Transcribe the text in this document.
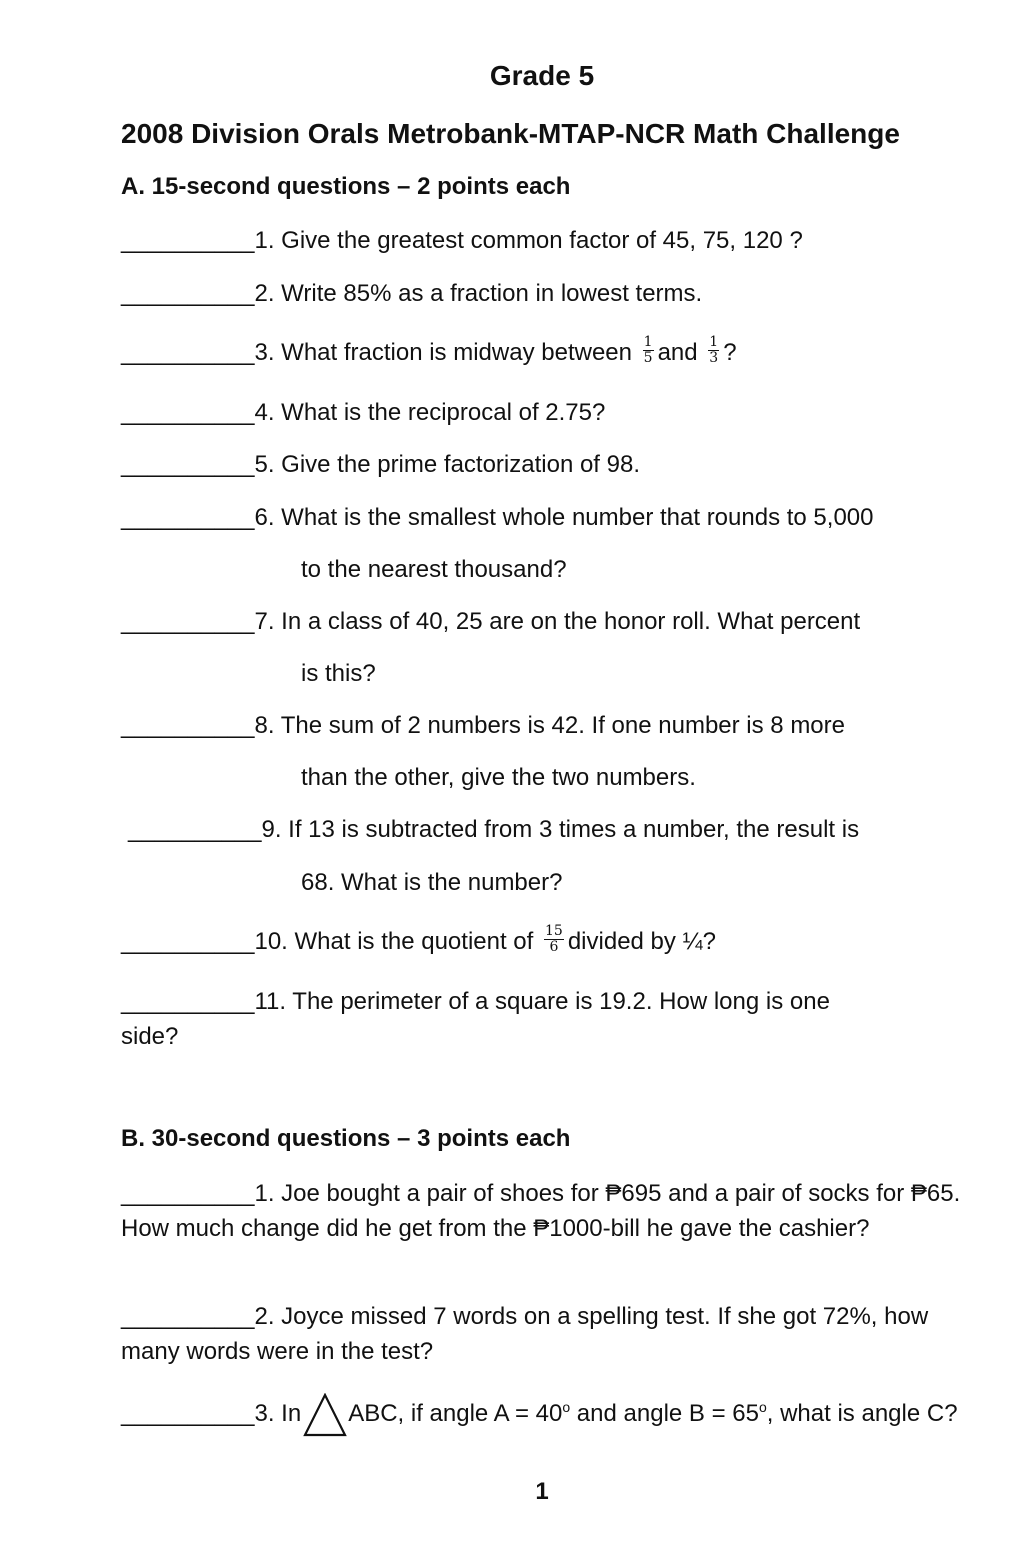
Grade 5
2008 Division Orals Metrobank-MTAP-NCR Math Challenge
A. 15-second questions – 2 points each
__________1. Give the greatest common factor of 45, 75, 120 ?
__________2. Write 85% as a fraction in lowest terms.
__________3. What fraction is midway between $\frac{1}{5}$ and $\frac{1}{3}$ ?
__________4. What is the reciprocal of 2.75?
__________5. Give the prime factorization of 98.
__________6. What is the smallest whole number that rounds to 5,000
to the nearest thousand?
__________7. In a class of 40, 25 are on the honor roll. What percent
is this?
__________8. The sum of 2 numbers is 42. If one number is 8 more
than the other, give the two numbers.
__________9. If 13 is subtracted from 3 times a number, the result is
68. What is the number?
__________10. What is the quotient of $\frac{15}{6}$ divided by ¼?
__________11. The perimeter of a square is 19.2. How long is one
side?
B. 30-second questions – 3 points each
__________1. Joe bought a pair of shoes for ₱695 and a pair of socks for ₱65. How much change did he get from the ₱1000-bill he gave the cashier?
__________2. Joyce missed 7 words on a spelling test. If she got 72%, how many words were in the test?
__________3. In ABC, if angle $A = 40^o$ and angle $B = 65^o$, what is angle C?
1
